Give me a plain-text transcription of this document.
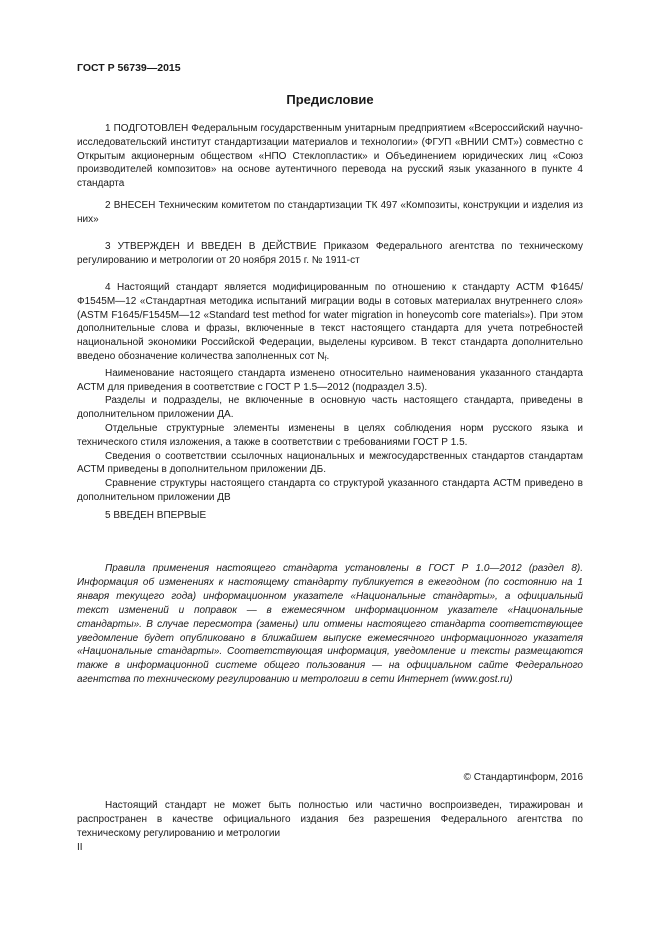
ГОСТ Р 56739—2015
Предисловие

1 ПОДГОТОВЛЕН Федеральным государственным унитарным предприятием «Всероссийский научно-исследовательский институт стандартизации материалов и технологии» (ФГУП «ВНИИ СМТ») совместно с Открытым акционерным обществом «НПО Стеклопластик» и Объединением юридических лиц «Союз производителей композитов» на основе аутентичного перевода на русский язык указанного в пункте 4 стандарта

2 ВНЕСЕН Техническим комитетом по стандартизации ТК 497 «Композиты, конструкции и изделия из них»

3 УТВЕРЖДЕН И ВВЕДЕН В ДЕЙСТВИЕ Приказом Федерального агентства по техническому регулированию и метрологии от 20 ноября 2015 г. № 1911-ст

4 Настоящий стандарт является модифицированным по отношению к стандарту АСТМ Ф1645/Ф1545М—12 «Стандартная методика испытаний миграции воды в сотовых материалах внутреннего слоя» (ASTM F1645/F1545M—12 «Standard test method for water migration in honeycomb core materials»). При этом дополнительные слова и фразы, включенные в текст настоящего стандарта для учета потребностей национальной экономики Российской Федерации, выделены курсивом. В текст стандарта дополнительно введено обозначение количества заполненных сот $N_f$.

Наименование настоящего стандарта изменено относительно наименования указанного стандарта АСТМ для приведения в соответствие с ГОСТ Р 1.5—2012 (подраздел 3.5).

Разделы и подразделы, не включенные в основную часть настоящего стандарта, приведены в дополнительном приложении ДА.

Отдельные структурные элементы изменены в целях соблюдения норм русского языка и технического стиля изложения, а также в соответствии с требованиями ГОСТ Р 1.5.

Сведения о соответствии ссылочных национальных и межгосударственных стандартов стандартам АСТМ приведены в дополнительном приложении ДБ.

Сравнение структуры настоящего стандарта со структурой указанного стандарта АСТМ приведено в дополнительном приложении ДВ

5 ВВЕДЕН ВПЕРВЫЕ

Правила применения настоящего стандарта установлены в ГОСТ Р 1.0—2012 (раздел 8). Информация об изменениях к настоящему стандарту публикуется в ежегодном (по состоянию на 1 января текущего года) информационном указателе «Национальные стандарты», а официальный текст изменений и поправок — в ежемесячном информационном указателе «Национальные стандарты». В случае пересмотра (замены) или отмены настоящего стандарта соответствующее уведомление будет опубликовано в ближайшем выпуске ежемесячного информационного указателя «Национальные стандарты». Соответствующая информация, уведомление и тексты размещаются также в информационной системе общего пользования — на официальном сайте Федерального агентства по техническому регулированию и метрологии в сети Интернет (www.gost.ru)

© Стандартинформ, 2016

Настоящий стандарт не может быть полностью или частично воспроизведен, тиражирован и распространен в качестве официального издания без разрешения Федерального агентства по техническому регулированию и метрологии

II
